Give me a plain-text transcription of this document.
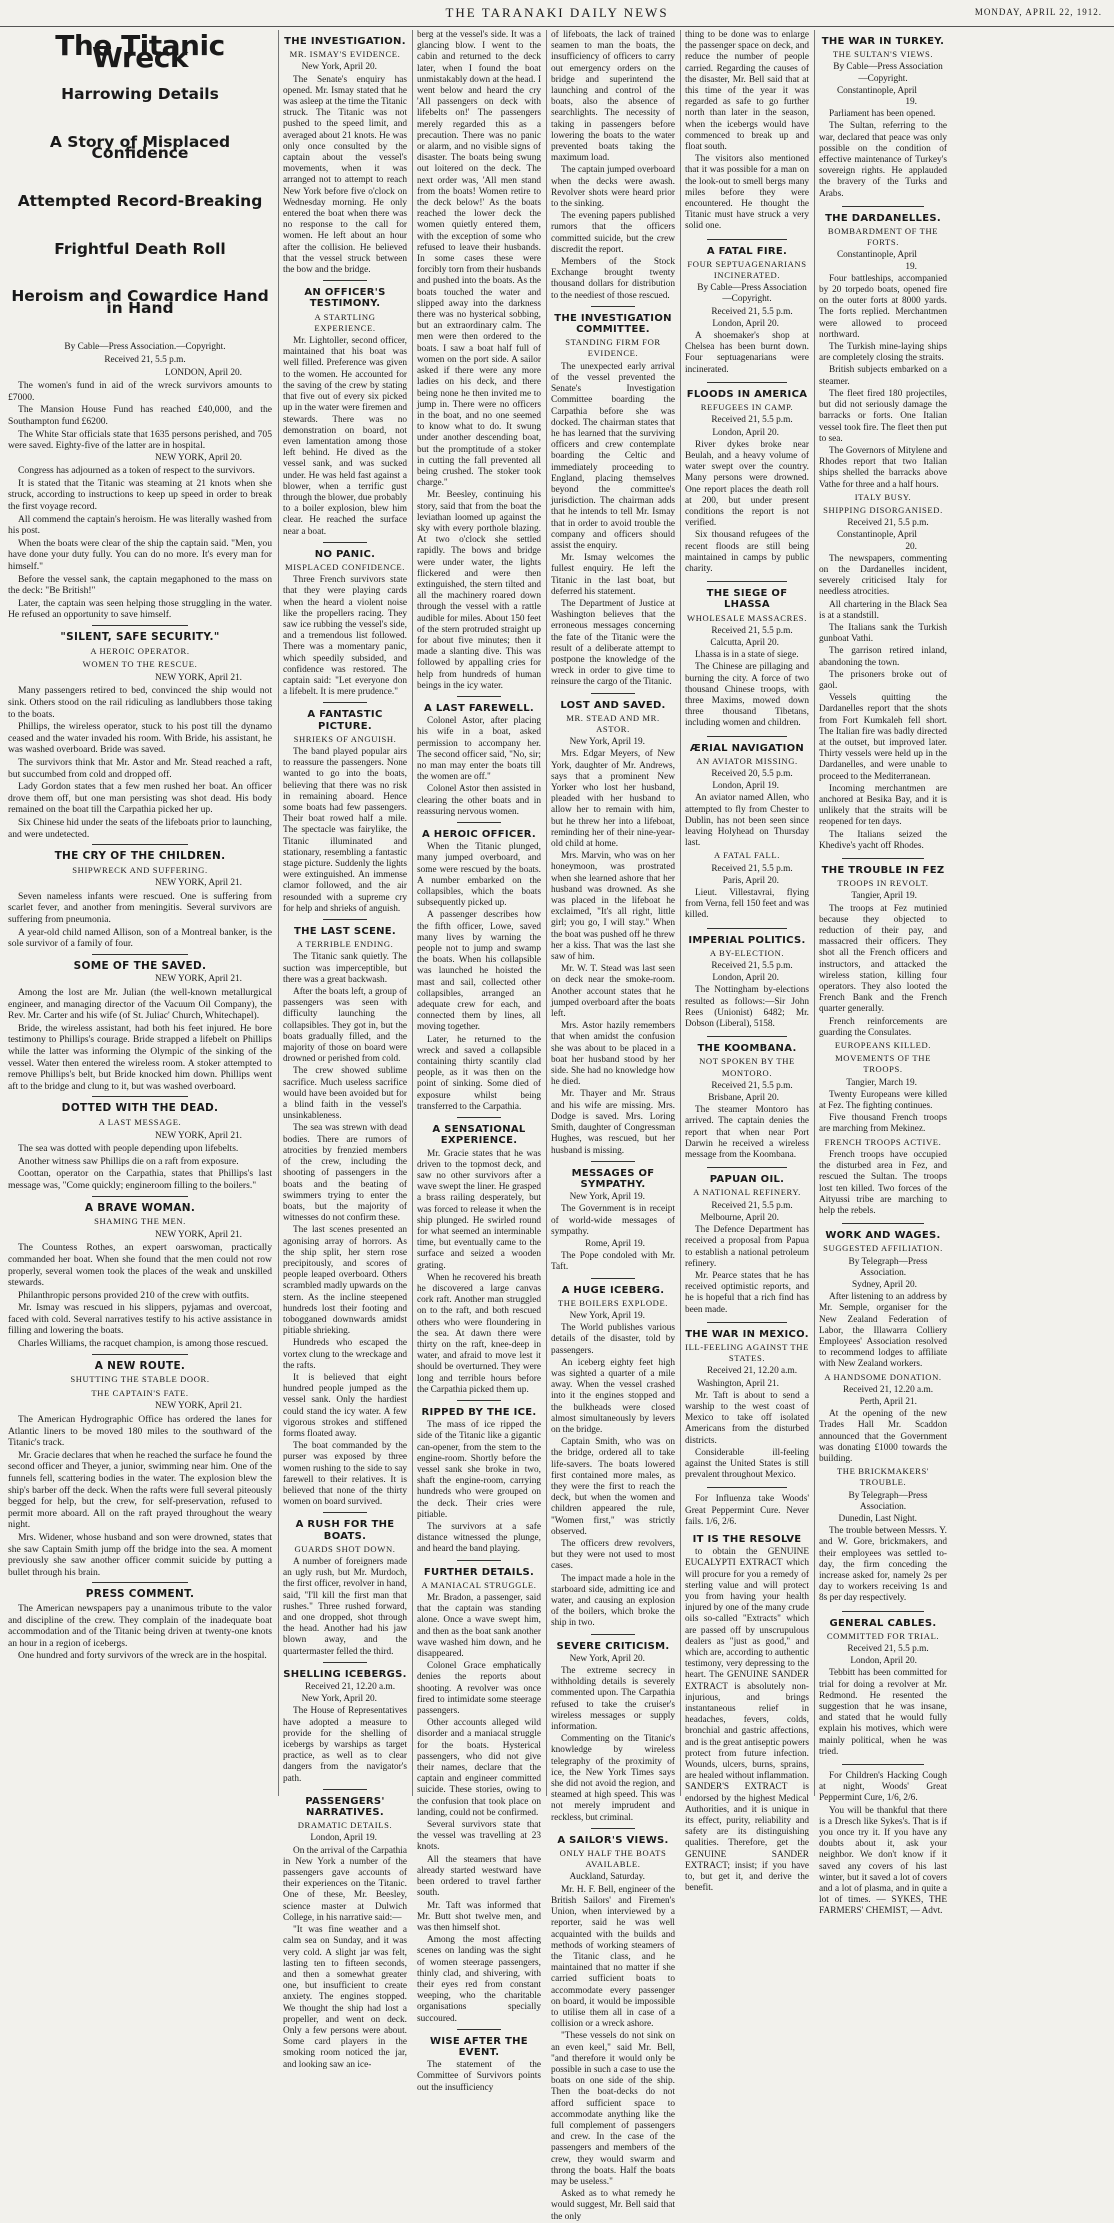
THE TARANAKI DAILY NEWS	MONDAY, APRIL 22, 1912.
The Titanic Wreck
Harrowing Details
A Story of Misplaced Confidence
Attempted Record-Breaking
Frightful Death Roll
Heroism and Cowardice Hand in Hand

By Cable—Press Association.—Copyright.

Received 21, 5.5 p.m.

LONDON, April 20.

The women's fund in aid of the wreck survivors amounts to £7000.

The Mansion House Fund has reached £40,000, and the Southampton fund £6200.

The White Star officials state that 1635 persons perished, and 705 were saved. Eighty-five of the latter are in hospital.

NEW YORK, April 20.

Congress has adjourned as a token of respect to the survivors.

It is stated that the Titanic was steaming at 21 knots when she struck, according to instructions to keep up speed in order to break the first voyage record.

All commend the captain's heroism. He was literally washed from his post.

When the boats were clear of the ship the captain said. "Men, you have done your duty fully. You can do no more. It's every man for himself."

Before the vessel sank, the captain megaphoned to the mass on the deck: "Be British!"

Later, the captain was seen helping those struggling in the water. He refused an opportunity to save himself.

"SILENT, SAFE SECURITY."
A HEROIC OPERATOR.
WOMEN TO THE RESCUE.

NEW YORK, April 21.

Many passengers retired to bed, convinced the ship would not sink. Others stood on the rail ridiculing as landlubbers those taking to the boats.

Phillips, the wireless operator, stuck to his post till the dynamo ceased and the water invaded his room. With Bride, his assistant, he was washed overboard. Bride was saved.

The survivors think that Mr. Astor and Mr. Stead reached a raft, but succumbed from cold and dropped off.

Lady Gordon states that a few men rushed her boat. An officer drove them off, but one man persisting was shot dead. His body remained on the boat till the Carpathia picked her up.

Six Chinese hid under the seats of the lifeboats prior to launching, and were undetected.

THE CRY OF THE CHILDREN.
SHIPWRECK AND SUFFERING.

NEW YORK, April 21.

Seven nameless infants were rescued. One is suffering from scarlet fever, and another from meningitis. Several survivors are suffering from pneumonia.

A year-old child named Allison, son of a Montreal banker, is the sole survivor of a family of four.

SOME OF THE SAVED.

NEW YORK, April 21.

Among the lost are Mr. Julian (the well-known metallurgical engineer, and managing director of the Vacuum Oil Company), the Rev. Mr. Carter and his wife (of St. Juliac' Church, Whitechapel).

Bride, the wireless assistant, had both his feet injured. He bore testimony to Phillips's courage. Bride strapped a lifebelt on Phillips while the latter was informing the Olympic of the sinking of the vessel. Water then entered the wireless room. A stoker attempted to remove Phillips's belt, but Bride knocked him down. Phillips went aft to the bridge and clung to it, but was washed overboard.

DOTTED WITH THE DEAD.
A LAST MESSAGE.

NEW YORK, April 21.

The sea was dotted with people depending upon lifebelts.

Another witness saw Phillips die on a raft from exposure.

Coottan, operator on the Carpathia, states that Phillips's last message was, "Come quickly; engineroom filling to the boilers."

A BRAVE WOMAN.
SHAMING THE MEN.

NEW YORK, April 21.

The Countess Rothes, an expert oarswoman, practically commanded her boat. When she found that the men could not row properly, several women took the places of the weak and unskilled stewards.

Philanthropic persons provided 210 of the crew with outfits.

Mr. Ismay was rescued in his slippers, pyjamas and overcoat, faced with cold. Several narratives testify to his active assistance in filling and lowering the boats.

Charles Williams, the racquet champion, is among those rescued.

A NEW ROUTE.
SHUTTING THE STABLE DOOR.
THE CAPTAIN'S FATE.

NEW YORK, April 21.

The American Hydrographic Office has ordered the lanes for Atlantic liners to be moved 180 miles to the southward of the Titanic's track.

Mr. Gracie declares that when he reached the surface he found the second officer and Theyer, a junior, swimming near him. One of the funnels fell, scattering bodies in the water. The explosion blew the ship's barber off the deck. When the rafts were full several piteously begged for help, but the crew, for self-preservation, refused to permit more aboard. All on the raft prayed throughout the weary night.

Mrs. Widener, whose husband and son were drowned, states that she saw Captain Smith jump off the bridge into the sea. A moment previously she saw another officer commit suicide by putting a bullet through his brain.

PRESS COMMENT.

The American newspapers pay a unanimous tribute to the valor and discipline of the crew. They complain of the inadequate boat accommodation and of the Titanic being driven at twenty-one knots an hour in a region of icebergs.

One hundred and forty survivors of the wreck are in the hospital.

THE INVESTIGATION.
MR. ISMAY'S EVIDENCE.

New York, April 20.

The Senate's enquiry has opened. Mr. Ismay stated that he was asleep at the time the Titanic struck. The Titanic was not pushed to the speed limit, and averaged about 21 knots. He was only once consulted by the captain about the vessel's movements, when it was arranged not to attempt to reach New York before five o'clock on Wednesday morning. He only entered the boat when there was no response to the call for women. He left about an hour after the collision. He believed that the vessel struck between the bow and the bridge.

AN OFFICER'S TESTIMONY.
A STARTLING EXPERIENCE.

Mr. Lightoller, second officer, maintained that his boat was well filled. Preference was given to the women. He accounted for the saving of the crew by stating that five out of every six picked up in the water were firemen and stewards. There was no demonstration on board, not even lamentation among those left behind. He dived as the vessel sank, and was sucked under. He was held fast against a blower, when a terrific gust through the blower, due probably to a boiler explosion, blew him clear. He reached the surface near a boat.

NO PANIC.
MISPLACED CONFIDENCE.

Three French survivors state that they were playing cards when the heard a violent noise like the propellers racing. They saw ice rubbing the vessel's side, and a tremendous list followed. There was a momentary panic, which speedily subsided, and confidence was restored. The captain said: "Let everyone don a lifebelt. It is mere prudence."

A FANTASTIC PICTURE.
SHRIEKS OF ANGUISH.

The band played popular airs to reassure the passengers. None wanted to go into the boats, believing that there was no risk in remaining aboard. Hence some boats had few passengers. Their boat rowed half a mile. The spectacle was fairylike, the Titanic illuminated and stationary, resembling a fantastic stage picture. Suddenly the lights were extinguished. An immense clamor followed, and the air resounded with a supreme cry for help and shrieks of anguish.

THE LAST SCENE.
A TERRIBLE ENDING.

The Titanic sank quietly. The suction was imperceptible, but there was a great backwash.

After the boats left, a group of passengers was seen with difficulty launching the collapsibles. They got in, but the boats gradually filled, and the majority of those on board were drowned or perished from cold.

The crew showed sublime sacrifice. Much useless sacrifice would have been avoided but for a blind faith in the vessel's unsinkableness.

The sea was strewn with dead bodies. There are rumors of atrocities by frenzied members of the crew, including the shooting of passengers in the boats and the beating of swimmers trying to enter the boats, but the majority of witnesses do not confirm these.

The last scenes presented an agonising array of horrors. As the ship split, her stern rose precipitously, and scores of people leaped overboard. Others scrambled madly upwards on the stern. As the incline steepened hundreds lost their footing and tobogganed downwards amidst pitiable shrieking.

Hundreds who escaped the vortex clung to the wreckage and the rafts.

It is believed that eight hundred people jumped as the vessel sank. Only the hardiest could stand the icy water. A few vigorous strokes and stiffened forms floated away.

The boat commanded by the purser was exposed by three women rushing to the side to say farewell to their relatives. It is believed that none of the thirty women on board survived.

A RUSH FOR THE BOATS.
GUARDS SHOT DOWN.

A number of foreigners made an ugly rush, but Mr. Murdoch, the first officer, revolver in hand, said, "I'll kill the first man that rushes." Three rushed forward, and one dropped, shot through the head. Another had his jaw blown away, and the quartermaster felled the third.

SHELLING ICEBERGS.

Received 21, 12.20 a.m.

New York, April 20.

The House of Representatives have adopted a measure to provide for the shelling of icebergs by warships as target practice, as well as to clear dangers from the navigator's path.

PASSENGERS' NARRATIVES.
DRAMATIC DETAILS.

London, April 19.

On the arrival of the Carpathia in New York a number of the passengers gave accounts of their experiences on the Titanic. One of these, Mr. Beesley, science master at Dulwich College, in his narrative said:—

"It was fine weather and a calm sea on Sunday, and it was very cold. A slight jar was felt, lasting ten to fifteen seconds, and then a somewhat greater one, but insufficient to create anxiety. The engines stopped. We thought the ship had lost a propeller, and went on deck. Only a few persons were about. Some card players in the smoking room noticed the jar, and looking saw an ice-

berg at the vessel's side. It was a glancing blow. I went to the cabin and returned to the deck later, when I found the boat unmistakably down at the head. I went below and heard the cry 'All passengers on deck with lifebelts on!' The passengers merely regarded this as a precaution. There was no panic or alarm, and no visible signs of disaster. The boats being swung out loitered on the deck. The next order was, 'All men stand from the boats! Women retire to the deck below!' As the boats reached the lower deck the women quietly entered them, with the exception of some who refused to leave their husbands. In some cases these were forcibly torn from their husbands and pushed into the boats. As the boats touched the water and slipped away into the darkness there was no hysterical sobbing, but an extraordinary calm. The men were then ordered to the boats. I saw a boat half full of women on the port side. A sailor asked if there were any more ladies on his deck, and there being none he then invited me to jump in. There were no officers in the boat, and no one seemed to know what to do. It swung under another descending boat, but the promptitude of a stoker in cutting the fall prevented all being crushed. The stoker took charge."

Mr. Beesley, continuing his story, said that from the boat the leviathan loomed up against the sky with every porthole blazing. At two o'clock she settled rapidly. The bows and bridge were under water, the lights flickered and were then extinguished, the stern tilted and all the machinery roared down through the vessel with a rattle audible for miles. About 150 feet of the stern protruded straight up for about five minutes; then it made a slanting dive. This was followed by appalling cries for help from hundreds of human beings in the icy water.

A LAST FAREWELL.

Colonel Astor, after placing his wife in a boat, asked permission to accompany her. The second officer said, "No, sir; no man may enter the boats till the women are off."

Colonel Astor then assisted in clearing the other boats and in reassuring nervous women.

A HEROIC OFFICER.

When the Titanic plunged, many jumped overboard, and some were rescued by the boats. A number embarked on the collapsibles, which the boats subsequently picked up.

A passenger describes how the fifth officer, Lowe, saved many lives by warning the people not to jump and swamp the boats. When his collapsible was launched he hoisted the mast and sail, collected other collapsibles, arranged an adequate crew for each, and connected them by lines, all moving together.

Later, he returned to the wreck and saved a collapsible containing thirty scantily clad people, as it was then on the point of sinking. Some died of exposure whilst being transferred to the Carpathia.

A SENSATIONAL EXPERIENCE.

Mr. Gracie states that he was driven to the topmost deck, and saw no other survivors after a wave swept the liner. He grasped a brass railing desperately, but was forced to release it when the ship plunged. He swirled round for what seemed an interminable time, but eventually came to the surface and seized a wooden grating.

When he recovered his breath he discovered a large canvas cork raft. Another man struggled on to the raft, and both rescued others who were floundering in the sea. At dawn there were thirty on the raft, knee-deep in water, and afraid to move lest it should be overturned. They were long and terrible hours before the Carpathia picked them up.

RIPPED BY THE ICE.

The mass of ice ripped the side of the Titanic like a gigantic can-opener, from the stem to the engine-room. Shortly before the vessel sank she broke in two, shaft the engine-room, carrying hundreds who were grouped on the deck. Their cries were pitiable.

The survivors at a safe distance witnessed the plunge, and heard the band playing.

FURTHER DETAILS.
A MANIACAL STRUGGLE.

Mr. Bradon, a passenger, said that the captain was standing alone. Once a wave swept him, and then as the boat sank another wave washed him down, and he disappeared.

Colonel Grace emphatically denies the reports about shooting. A revolver was once fired to intimidate some steerage passengers.

Other accounts alleged wild disorder and a maniacal struggle for the boats. Hysterical passengers, who did not give their names, declare that the captain and engineer committed suicide. These stories, owing to the confusion that took place on landing, could not be confirmed.

Several survivors state that the vessel was travelling at 23 knots.

All the steamers that have already started westward have been ordered to travel farther south.

Mr. Taft was informed that Mr. Butt shot twelve men, and was then himself shot.

Among the most affecting scenes on landing was the sight of women steerage passengers, thinly clad, and shivering, with their eyes red from constant weeping, who the charitable organisations specially succoured.

WISE AFTER THE EVENT.

The statement of the Committee of Survivors points out the insufficiency

of lifeboats, the lack of trained seamen to man the boats, the insufficiency of officers to carry out emergency orders on the bridge and superintend the launching and control of the boats, also the absence of searchlights. The necessity of taking in passengers before lowering the boats to the water prevented boats taking the maximum load.

The captain jumped overboard when the decks were awash. Revolver shots were heard prior to the sinking.

The evening papers published rumors that the officers committed suicide, but the crew discredit the report.

Members of the Stock Exchange brought twenty thousand dollars for distribution to the neediest of those rescued.

THE INVESTIGATION COMMITTEE.
STANDING FIRM FOR EVIDENCE.

The unexpected early arrival of the vessel prevented the Senate's Investigation Committee boarding the Carpathia before she was docked. The chairman states that he has learned that the surviving officers and crew contemplate boarding the Celtic and immediately proceeding to England, placing themselves beyond the committee's jurisdiction. The chairman adds that he intends to tell Mr. Ismay that in order to avoid trouble the company and officers should assist the enquiry.

Mr. Ismay welcomes the fullest enquiry. He left the Titanic in the last boat, but deferred his statement.

The Department of Justice at Washington believes that the erroneous messages concerning the fate of the Titanic were the result of a deliberate attempt to postpone the knowledge of the wreck in order to give time to reinsure the cargo of the Titanic.

LOST AND SAVED.
MR. STEAD AND MR. ASTOR.

New York, April 19.

Mrs. Edgar Meyers, of New York, daughter of Mr. Andrews, says that a prominent New Yorker who lost her husband, pleaded with her husband to allow her to remain with him, but he threw her into a lifeboat, reminding her of their nine-year-old child at home.

Mrs. Marvin, who was on her honeymoon, was prostrated when she learned ashore that her husband was drowned. As she was placed in the lifeboat he exclaimed, "It's all right, little girl; you go, I will stay." When the boat was pushed off he threw her a kiss. That was the last she saw of him.

Mr. W. T. Stead was last seen on deck near the smoke-room. Another account states that he jumped overboard after the boats left.

Mrs. Astor hazily remembers that when amidst the confusion she was about to be placed in a boat her husband stood by her side. She had no knowledge how he died.

Mr. Thayer and Mr. Straus and his wife are missing. Mrs. Dodge is saved. Mrs. Loring Smith, daughter of Congressman Hughes, was rescued, but her husband is missing.

MESSAGES OF SYMPATHY.

New York, April 19.

The Government is in receipt of world-wide messages of sympathy.

Rome, April 19.

The Pope condoled with Mr. Taft.

A HUGE ICEBERG.
THE BOILERS EXPLODE.

New York, April 19.

The World publishes various details of the disaster, told by passengers.

An iceberg eighty feet high was sighted a quarter of a mile away. When the vessel crashed into it the engines stopped and the bulkheads were closed almost simultaneously by levers on the bridge.

Captain Smith, who was on the bridge, ordered all to take life-savers. The boats lowered first contained more males, as they were the first to reach the deck, but when the women and children appeared the rule, "Women first," was strictly observed.

The officers drew revolvers, but they were not used to most cases.

The impact made a hole in the starboard side, admitting ice and water, and causing an explosion of the boilers, which broke the ship in two.

SEVERE CRITICISM.

New York, April 20.

The extreme secrecy in withholding details is severely commented upon. The Carpathia refused to take the cruiser's wireless messages or supply information.

Commenting on the Titanic's knowledge by wireless telegraphy of the proximity of ice, the New York Times says she did not avoid the region, and steamed at high speed. This was not merely imprudent and reckless, but criminal.

A SAILOR'S VIEWS.
ONLY HALF THE BOATS AVAILABLE.

Auckland, Saturday.

Mr. H. F. Bell, engineer of the British Sailors' and Firemen's Union, when interviewed by a reporter, said he was well acquainted with the builds and methods of working steamers of the Titanic class, and he maintained that no matter if she carried sufficient boats to accommodate every passenger on board, it would be impossible to utilise them all in case of a collision or a wreck ashore.

"These vessels do not sink on an even keel," said Mr. Bell, "and therefore it would only be possible in such a case to use the boats on one side of the ship. Then the boat-decks do not afford sufficient space to accommodate anything like the full complement of passengers and crew. In the case of the passengers and members of the crew, they would swarm and throng the boats. Half the boats may be useless."

Asked as to what remedy he would suggest, Mr. Bell said that the only

thing to be done was to enlarge the passenger space on deck, and reduce the number of people carried. Regarding the causes of the disaster, Mr. Bell said that at this time of the year it was regarded as safe to go further north than later in the season, when the icebergs would have commenced to break up and float south.

The visitors also mentioned that it was possible for a man on the look-out to smell bergs many miles before they were encountered. He thought the Titanic must have struck a very solid one.

A FATAL FIRE.
FOUR SEPTUAGENARIANS INCINERATED.

By Cable—Press Association—Copyright.

Received 21, 5.5 p.m.

London, April 20.

A shoemaker's shop at Chelsea has been burnt down. Four septuagenarians were incinerated.

FLOODS IN AMERICA
REFUGEES IN CAMP.

Received 21, 5.5 p.m.

London, April 20.

River dykes broke near Beulah, and a heavy volume of water swept over the country. Many persons were drowned. One report places the death roll at 200, but under present conditions the report is not verified.

Six thousand refugees of the recent floods are still being maintained in camps by public charity.

THE SIEGE OF LHASSA
WHOLESALE MASSACRES.

Received 21, 5.5 p.m.

Calcutta, April 20.

Lhassa is in a state of siege.

The Chinese are pillaging and burning the city. A force of two thousand Chinese troops, with three Maxims, mowed down three thousand Tibetans, including women and children.

ÆRIAL NAVIGATION
AN AVIATOR MISSING.

Received 20, 5.5 p.m.

London, April 19.

An aviator named Allen, who attempted to fly from Chester to Dublin, has not been seen since leaving Holyhead on Thursday last.

A FATAL FALL.

Received 21, 5.5 p.m.

Paris, April 20.

Lieut. Villestavrai, flying from Verna, fell 150 feet and was killed.

IMPERIAL POLITICS.
A BY-ELECTION.

Received 21, 5.5 p.m.

London, April 20.

The Nottingham by-elections resulted as follows:—Sir John Rees (Unionist) 6482; Mr. Dobson (Liberal), 5158.

THE KOOMBANA.
NOT SPOKEN BY THE MONTORO.

Received 21, 5.5 p.m.

Brisbane, April 20.

The steamer Montoro has arrived. The captain denies the report that when near Port Darwin he received a wireless message from the Koombana.

PAPUAN OIL.
A NATIONAL REFINERY.

Received 21, 5.5 p.m.

Melbourne, April 20.

The Defence Department has received a proposal from Papua to establish a national petroleum refinery.

Mr. Pearce states that he has received optimistic reports, and he is hopeful that a rich find has been made.

THE WAR IN MEXICO.
ILL-FEELING AGAINST THE STATES.

Received 21, 12.20 a.m.

Washington, April 21.

Mr. Taft is about to send a warship to the west coast of Mexico to take off isolated Americans from the disturbed districts.

Considerable ill-feeling against the United States is still prevalent throughout Mexico.

For Influenza take Woods' Great Peppermint Cure. Never fails. 1/6, 2/6.

IT IS THE RESOLVE

to obtain the GENUINE EUCALYPTI EXTRACT which will procure for you a remedy of sterling value and will protect you from having your health injured by one of the many crude oils so-called "Extracts" which are passed off by unscrupulous dealers as "just as good," and which are, according to authentic testimony, very depressing to the heart. The GENUINE SANDER EXTRACT is absolutely non-injurious, and brings instantaneous relief in headaches, fevers, colds, bronchial and gastric affections, and is the great antiseptic powers protect from future infection. Wounds, ulcers, burns, sprains, are healed without inflammation. SANDER'S EXTRACT is endorsed by the highest Medical Authorities, and it is unique in its effect, purity, reliability and safety are its distinguishing qualities. Therefore, get the GENUINE SANDER EXTRACT; insist; if you have to, but get it, and derive the benefit.

THE WAR IN TURKEY.
THE SULTAN'S VIEWS.

By Cable—Press Association—Copyright.

Constantinople, April 19.

Parliament has been opened.

The Sultan, referring to the war, declared that peace was only possible on the condition of effective maintenance of Turkey's sovereign rights. He applauded the bravery of the Turks and Arabs.

THE DARDANELLES.
BOMBARDMENT OF THE FORTS.

Constantinople, April 19.

Four battleships, accompanied by 20 torpedo boats, opened fire on the outer forts at 8000 yards. The forts replied. Merchantmen were allowed to proceed northward.

The Turkish mine-laying ships are completely closing the straits.

British subjects embarked on a steamer.

The fleet fired 180 projectiles, but did not seriously damage the barracks or forts. One Italian vessel took fire. The fleet then put to sea.

The Governors of Mitylene and Rhodes report that two Italian ships shelled the barracks above Vathe for three and a half hours.

ITALY BUSY.
SHIPPING DISORGANISED.

Received 21, 5.5 p.m.

Constantinople, April 20.

The newspapers, commenting on the Dardanelles incident, severely criticised Italy for needless atrocities.

All chartering in the Black Sea is at a standstill.

The Italians sank the Turkish gunboat Vathi.

The garrison retired inland, abandoning the town.

The prisoners broke out of gaol.

Vessels quitting the Dardanelles report that the shots from Fort Kumkaleh fell short. The Italian fire was badly directed at the outset, but improved later. Thirty vessels were held up in the Dardanelles, and were unable to proceed to the Mediterranean.

Incoming merchantmen are anchored at Besika Bay, and it is unlikely that the straits will be reopened for ten days.

The Italians seized the Khedive's yacht off Rhodes.

THE TROUBLE IN FEZ
TROOPS IN REVOLT.

Tangier, April 19.

The troops at Fez mutinied because they objected to reduction of their pay, and massacred their officers. They shot all the French officers and instructors, and attacked the wireless station, killing four operators. They also looted the French Bank and the French quarter generally.

French reinforcements are guarding the Consulates.

EUROPEANS KILLED.
MOVEMENTS OF THE TROOPS.

Tangier, March 19.

Twenty Europeans were killed at Fez. The fighting continues.

Five thousand French troops are marching from Mekinez.

FRENCH TROOPS ACTIVE.

French troops have occupied the disturbed area in Fez, and rescued the Sultan. The troops lost ten killed. Two forces of the Aityussi tribe are marching to help the rebels.

WORK AND WAGES.
SUGGESTED AFFILIATION.

By Telegraph—Press Association.

Sydney, April 20.

After listening to an address by Mr. Semple, organiser for the New Zealand Federation of Labor, the Illawarra Colliery Employees' Association resolved to recommend lodges to affiliate with New Zealand workers.

A HANDSOME DONATION.

Received 21, 12.20 a.m.

Perth, April 21.

At the opening of the new Trades Hall Mr. Scaddon announced that the Government was donating £1000 towards the building.

THE BRICKMAKERS' TROUBLE.

By Telegraph—Press Association.

Dunedin, Last Night.

The trouble between Messrs. Y. and W. Gore, brickmakers, and their employees was settled to-day, the firm conceding the increase asked for, namely 2s per day to workers receiving 1s and 8s per day respectively.

GENERAL CABLES.
COMMITTED FOR TRIAL.

Received 21, 5.5 p.m.

London, April 20.

Tebbitt has been committed for trial for doing a revolver at Mr. Redmond. He resented the suggestion that he was insane, and stated that he would fully explain his motives, which were mainly political, when he was tried.

For Children's Hacking Cough at night, Woods' Great Peppermint Cure, 1/6, 2/6.

You will be thankful that there is a Dresch like Sykes's. That is if you once try it. If you have any doubts about it, ask your neighbor. We don't know if it saved any covers of his last winter, but it saved a lot of covers and a lot of plasma, and in quite a lot of times. — SYKES, THE FARMERS' CHEMIST, — Advt.
